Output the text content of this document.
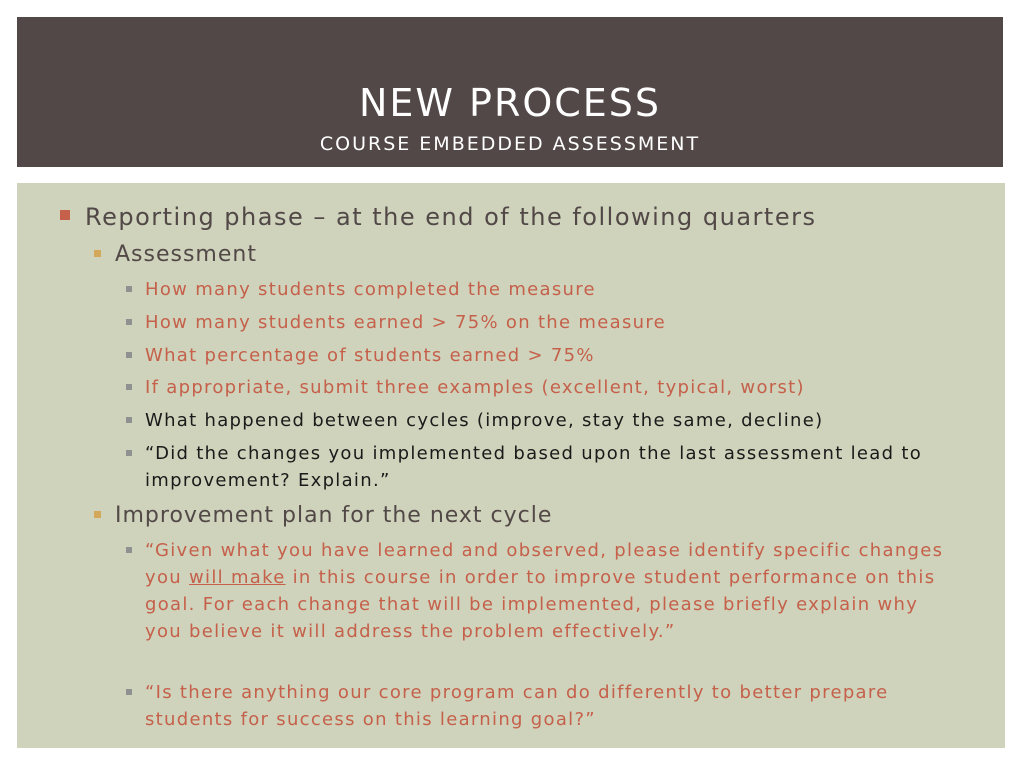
NEW PROCESS
COURSE EMBEDDED ASSESSMENT
Reporting phase – at the end of the following quarters
Assessment
How many students completed the measure
How many students earned > 75% on the measure
What percentage of students earned > 75%
If appropriate, submit three examples (excellent, typical, worst)
What happened between cycles (improve, stay the same, decline)
“Did the changes you implemented based upon the last assessment lead to improvement? Explain.”
Improvement plan for the next cycle
“Given what you have learned and observed, please identify specific changes you will make in this course in order to improve student performance on this goal. For each change that will be implemented, please briefly explain why you believe it will address the problem effectively.”
“Is there anything our core program can do differently to better prepare students for success on this learning goal?”
